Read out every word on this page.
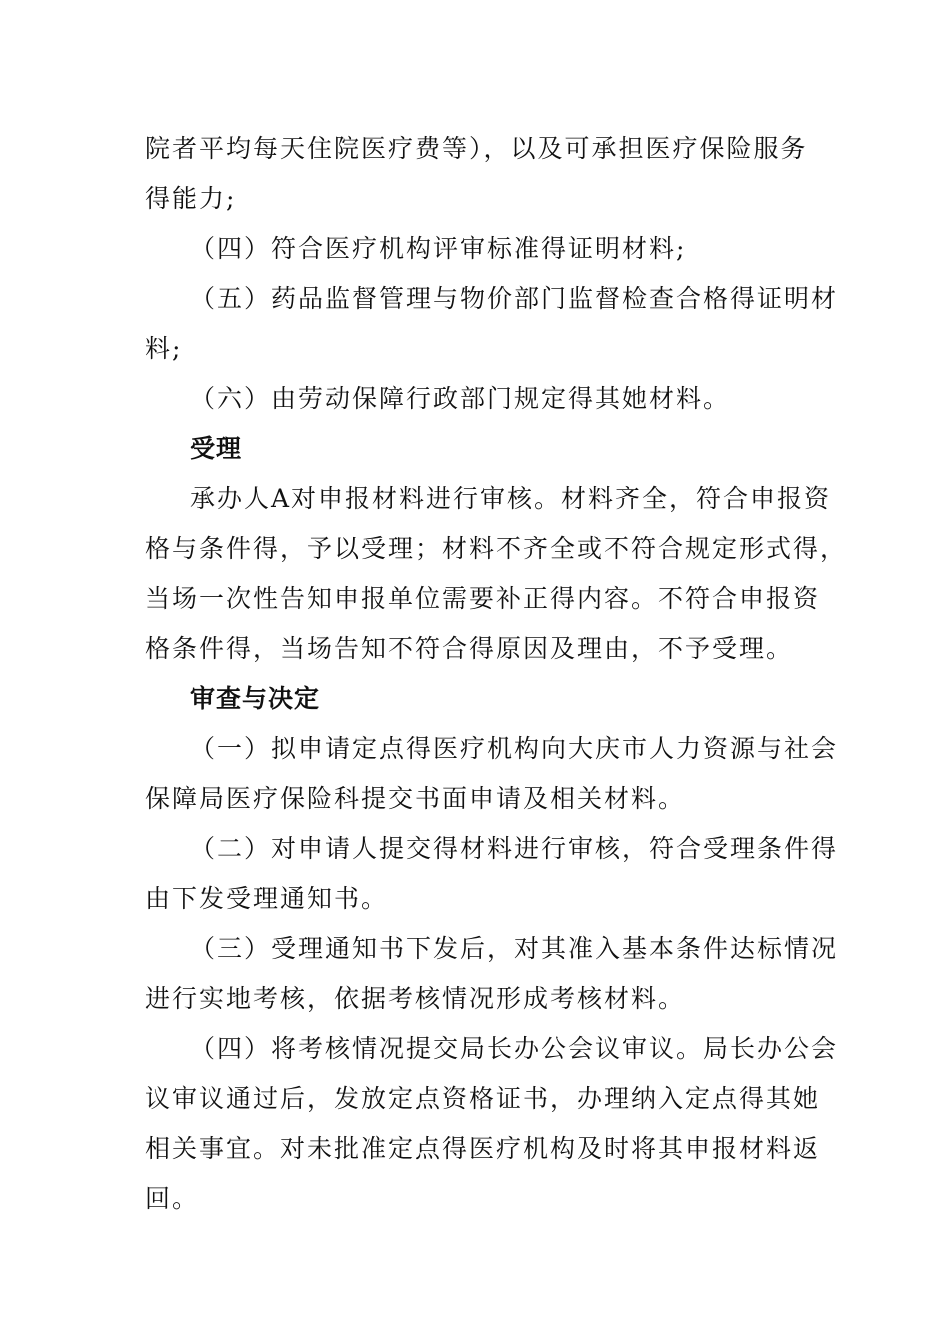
院者平均每天住院医疗费等），以及可承担医疗保险服务
得能力;
（四）符合医疗机构评审标准得证明材料;
（五）药品监督管理与物价部门监督检查合格得证明材
料;
（六）由劳动保障行政部门规定得其她材料。
受理
承办人A对申报材料进行审核。材料齐全，符合申报资
格与条件得，予以受理；材料不齐全或不符合规定形式得，
当场一次性告知申报单位需要补正得内容。不符合申报资
格条件得，当场告知不符合得原因及理由，不予受理。
审查与决定
（一）拟申请定点得医疗机构向大庆市人力资源与社会
保障局医疗保险科提交书面申请及相关材料。
（二）对申请人提交得材料进行审核，符合受理条件得
由下发受理通知书。
（三）受理通知书下发后，对其准入基本条件达标情况
进行实地考核，依据考核情况形成考核材料。
（四）将考核情况提交局长办公会议审议。局长办公会
议审议通过后，发放定点资格证书，办理纳入定点得其她
相关事宜。对未批准定点得医疗机构及时将其申报材料返
回。
